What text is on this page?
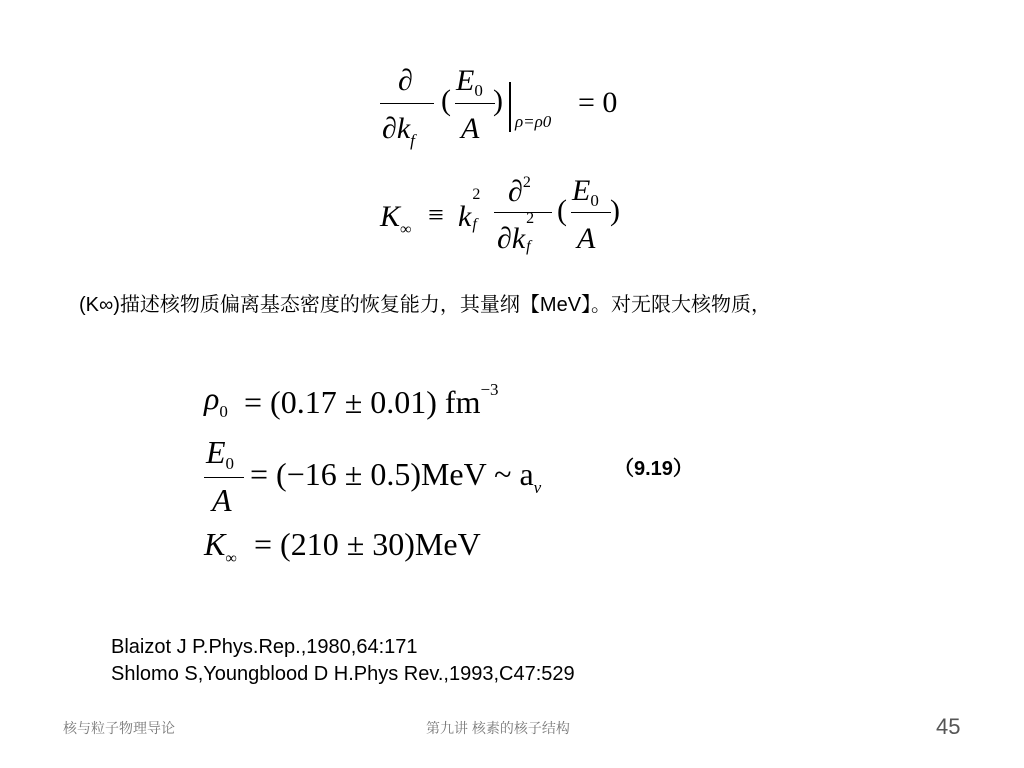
∂
$\partial k_f$
(
$E_0$
A
)
ρ=ρ0
= 0
$K_\infty \equiv k$
2
f
∂$^2$
∂k
2
f
(
$E_0$
A
)
(K∞)描述核物质偏离基态密度的恢复能力，其量纲【MeV】。对无限大核物质，
$\rho_0 = (0.17 \pm 0.01)$ $fm^{-3}$
E0
A
= (−16 ± 0.5)MeV ~ $a_v$
$K_\infty = (210 \pm 30)MeV$
（9.19）
Blaizot J P.Phys.Rep.,1980,64:171
Shlomo S,Youngblood D H.Phys Rev.,1993,C47:529
核与粒子物理导论	第九讲 核素的核子结构	45
